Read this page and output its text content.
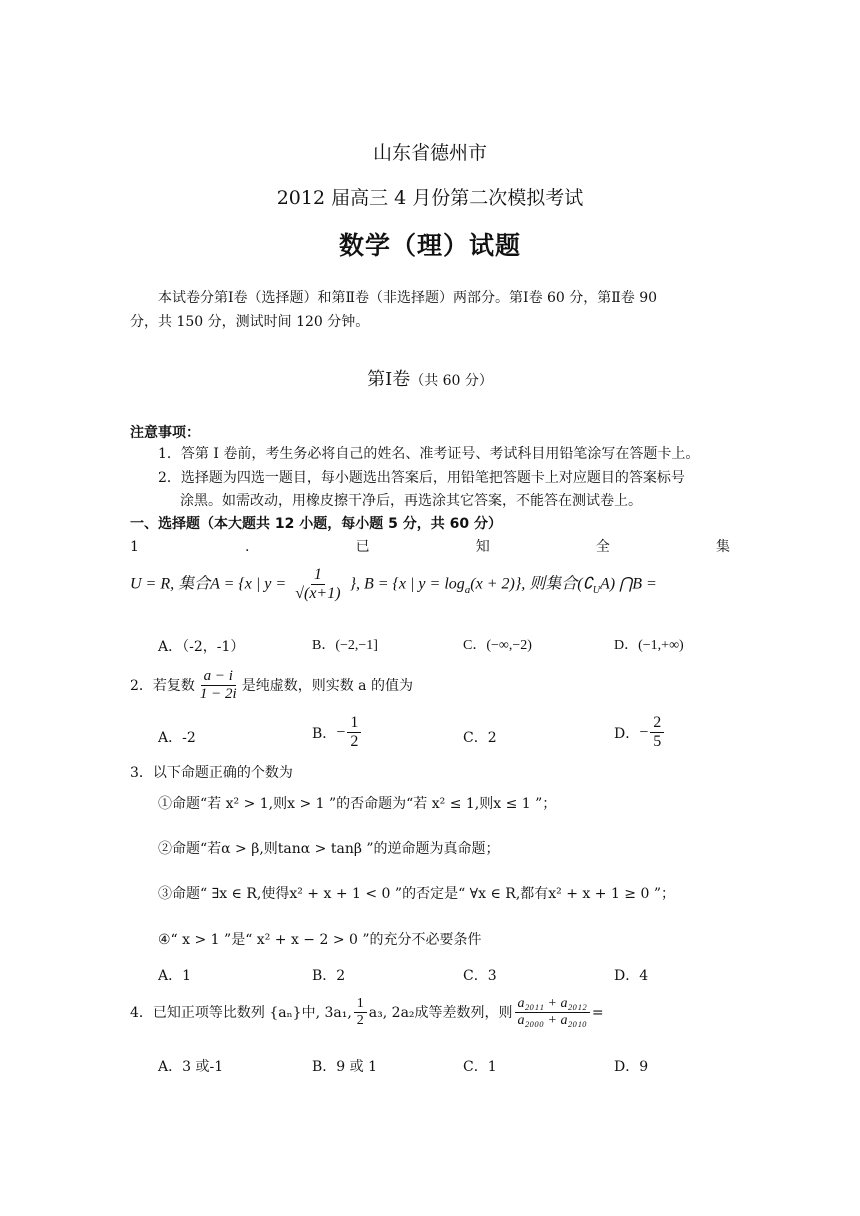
山东省德州市
2012 届高三 4 月份第二次模拟考试
数学（理）试题
本试卷分第Ⅰ卷（选择题）和第Ⅱ卷（非选择题）两部分。第Ⅰ卷 60 分，第Ⅱ卷 90
分，共 150 分，测试时间 120 分钟。
第Ⅰ卷（共 60 分）
注意事项：
1．答第 I 卷前，考生务必将自己的姓名、准考证号、考试科目用铅笔涂写在答题卡上。
2．选择题为四选一题目，每小题选出答案后，用铅笔把答题卡上对应题目的答案标号
涂黑。如需改动，用橡皮擦干净后，再选涂其它答案，不能答在测试卷上。
一、选择题（本大题共 12 小题，每小题 5 分，共 60 分）
1	.	已	知	全	集
U = R, 集合A = {x | $y = \frac{1}{√(x+1)}$ }, B = {x | $y = \log_a(x + 2)$}, 则集合$(∁_UA)$ ⋂B =
A．（-2，-1）	B．(−2,−1]	C．(−∞,−2)	D．(−1,+∞)
2．若复数 $\frac{a - i}{1 - 2i}$ 是纯虚数，则实数 a 的值为
A．-2	B． − $\frac{1}{2}$	C．2	D． − $\frac{2}{5}$
3．以下命题正确的个数为
①命题“若 x² > 1,则x > 1 ”的否命题为“若 x² ≤ 1,则x ≤ 1 ”；
②命题“若α > β,则tanα > tanβ ”的逆命题为真命题；
③命题“ ∃x ∈ R,使得x² + x + 1 < 0 ”的否定是“ ∀x ∈ R,都有x² + x + 1 ≥ 0 ”；
④“ x > 1 ”是“ x² + x − 2 > 0 ”的充分不必要条件
A．1	B．2	C．3	D．4
4．已知正项等比数列 {aₙ}中, 3a₁, $\frac{1}{2} a_3$, 2a₂成等差数列，则 $\frac{\text{a₂₀₁₁ + a₂₀₁₂}}{\text{a₂₀₀₀ + a₂₀₁₀}}$ =
A．3 或-1	B．9 或 1	C．1	D．9
